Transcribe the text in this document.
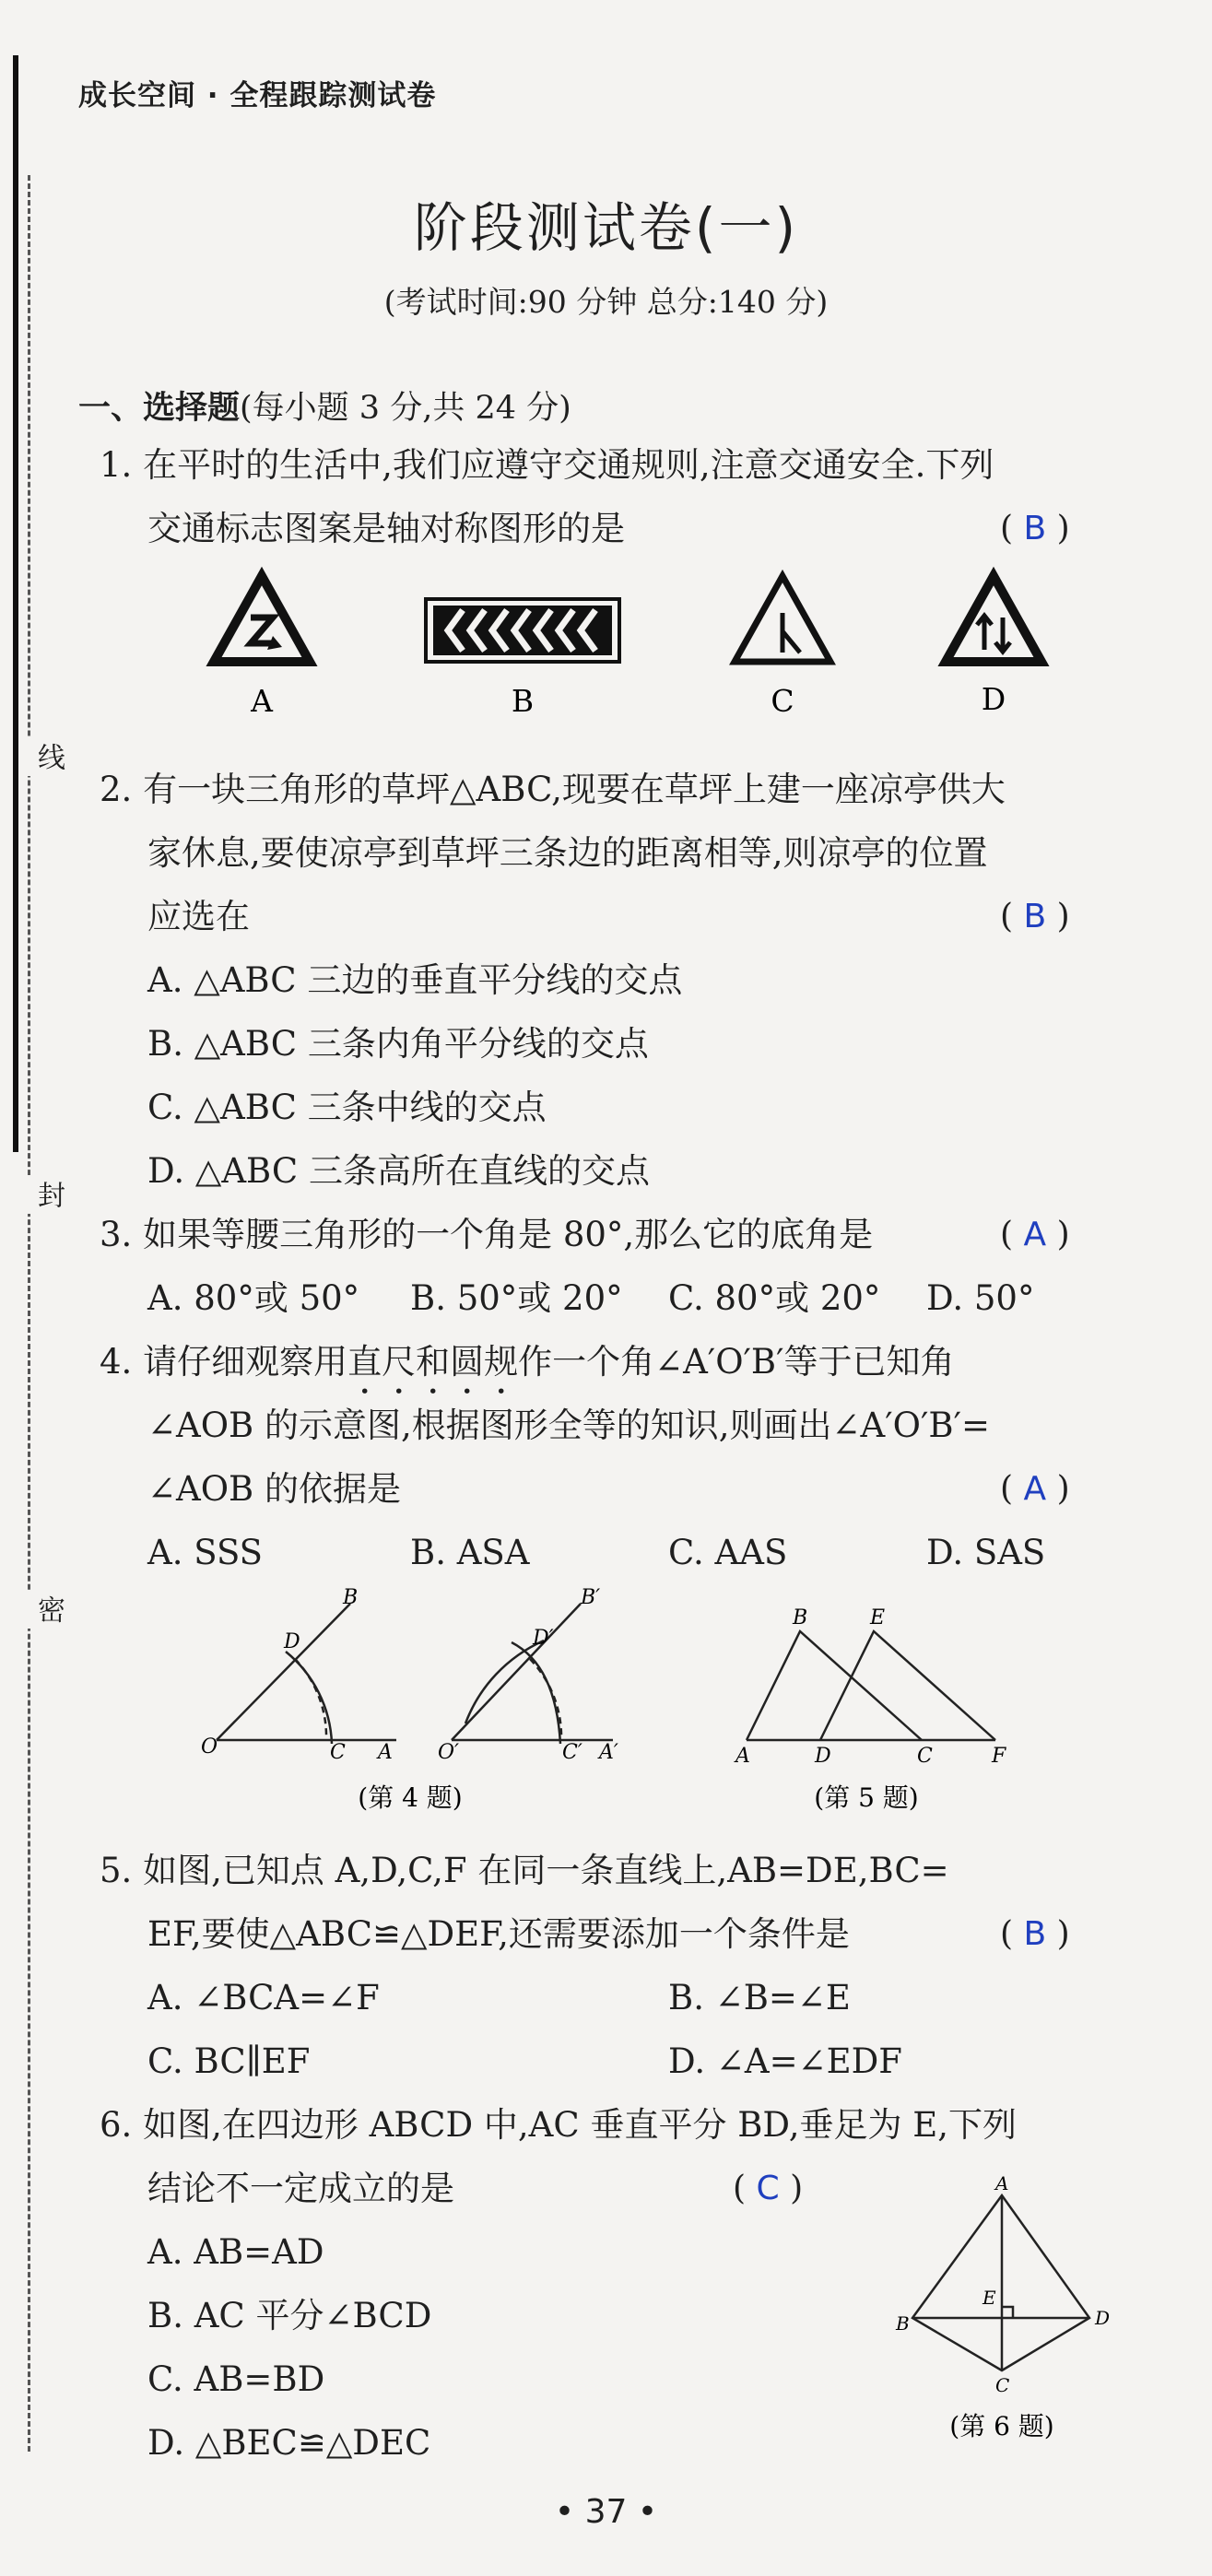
线
封
密
成长空间 · 全程跟踪测试卷
阶段测试卷(一)
(考试时间:90 分钟 总分:140 分)
一、选择题(每小题 3 分,共 24 分)
1. 在平时的生活中,我们应遵守交通规则,注意交通安全.下列
交通标志图案是轴对称图形的是	( B )
A	B	C	D
2. 有一块三角形的草坪△ABC,现要在草坪上建一座凉亭供大
家休息,要使凉亭到草坪三条边的距离相等,则凉亭的位置
应选在	( B )
A. △ABC 三边的垂直平分线的交点
B. △ABC 三条内角平分线的交点
C. △ABC 三条中线的交点
D. △ABC 三条高所在直线的交点
3. 如果等腰三角形的一个角是 80°,那么它的底角是	( A )
A. 80°或 50° B. 50°或 20° C. 80°或 20° D. 50°
4. 请仔细观察用直尺和圆规作一个角∠A′O′B′等于已知角
∠AOB 的示意图,根据图形全等的知识,则画出∠A′O′B′=
∠AOB 的依据是	( A )
A. SSS	B. ASA	C. AAS	D. SAS
O	A
B
C
D
O′	A′
B′
C′
D′
A
B
C
D
E
F
(第 4 题)	(第 5 题)
5. 如图,已知点 A,D,C,F 在同一条直线上,AB=DE,BC=
EF,要使△ABC≌△DEF,还需要添加一个条件是	( B )
A. ∠BCA=∠F	B. ∠B=∠E
C. BC∥EF	D. ∠A=∠EDF
6. 如图,在四边形 ABCD 中,AC 垂直平分 BD,垂足为 E,下列
结论不一定成立的是	( C )
A. AB=AD
B. AC 平分∠BCD
C. AB=BD
D. △BEC≌△DEC
A
B
C
D
E
(第 6 题)
• 37 •
